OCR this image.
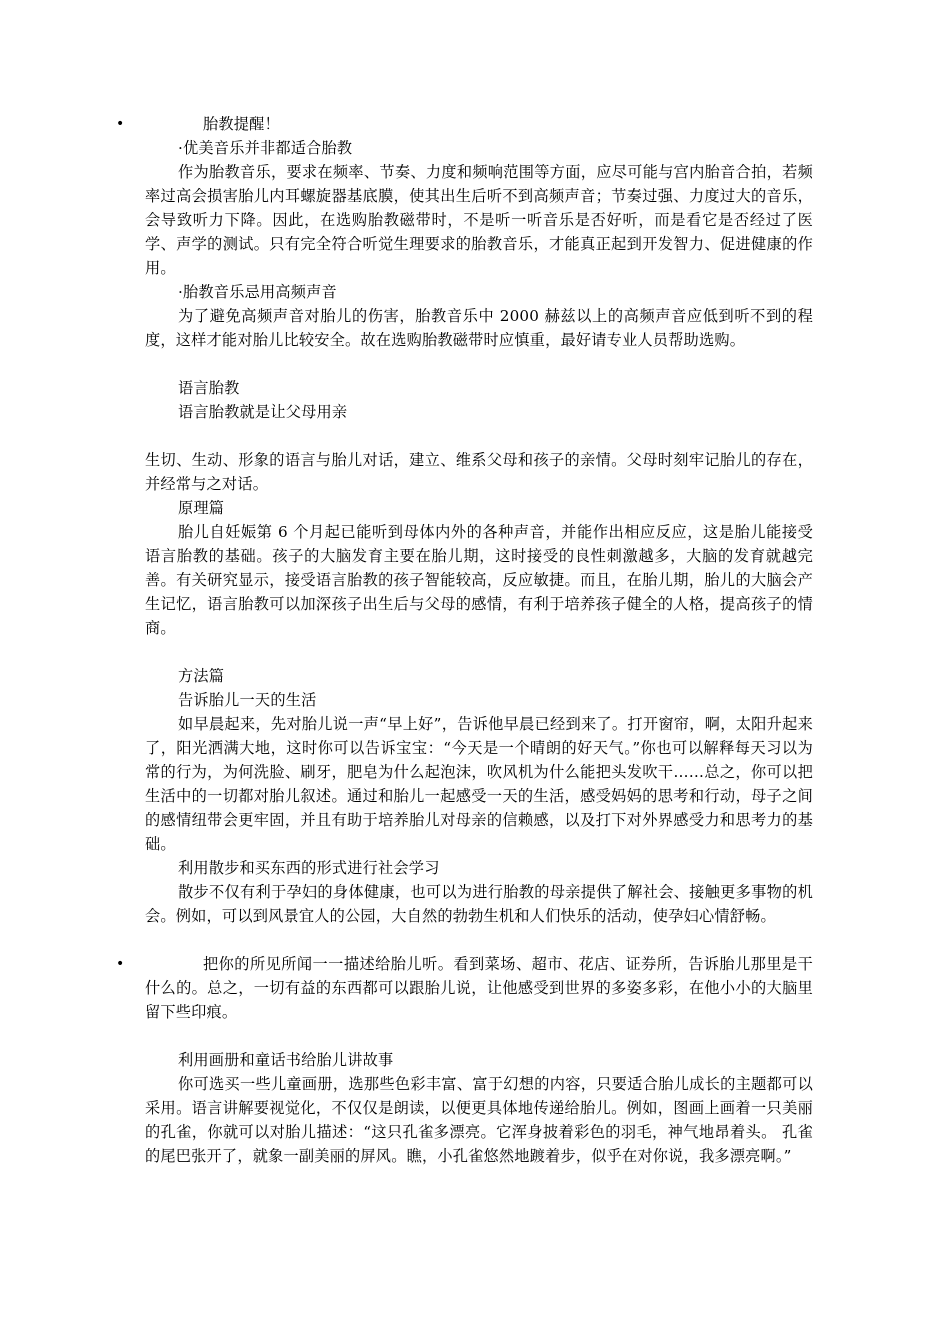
•	胎教提醒！

·优美音乐并非都适合胎教

作为胎教音乐，要求在频率、节奏、力度和频响范围等方面，应尽可能与宫内胎音合拍，若频率过高会损害胎儿内耳螺旋器基底膜，使其出生后听不到高频声音；节奏过强、力度过大的音乐，会导致听力下降。因此，在选购胎教磁带时，不是听一听音乐是否好听，而是看它是否经过了医学、声学的测试。只有完全符合听觉生理要求的胎教音乐，才能真正起到开发智力、促进健康的作用。

·胎教音乐忌用高频声音

为了避免高频声音对胎儿的伤害，胎教音乐中 2000 赫兹以上的高频声音应低到听不到的程度，这样才能对胎儿比较安全。故在选购胎教磁带时应慎重，最好请专业人员帮助选购。

语言胎教

语言胎教就是让父母用亲

生切、生动、形象的语言与胎儿对话，建立、维系父母和孩子的亲情。父母时刻牢记胎儿的存在，并经常与之对话。

原理篇

胎儿自妊娠第 6 个月起已能听到母体内外的各种声音，并能作出相应反应，这是胎儿能接受语言胎教的基础。孩子的大脑发育主要在胎儿期，这时接受的良性刺激越多，大脑的发育就越完善。有关研究显示，接受语言胎教的孩子智能较高，反应敏捷。而且，在胎儿期，胎儿的大脑会产生记忆，语言胎教可以加深孩子出生后与父母的感情，有利于培养孩子健全的人格，提高孩子的情商。

方法篇

告诉胎儿一天的生活

如早晨起来，先对胎儿说一声“早上好”，告诉他早晨已经到来了。打开窗帘，啊，太阳升起来了，阳光洒满大地，这时你可以告诉宝宝：“今天是一个晴朗的好天气。”你也可以解释每天习以为常的行为，为何洗脸、刷牙，肥皂为什么起泡沫，吹风机为什么能把头发吹干……总之，你可以把生活中的一切都对胎儿叙述。通过和胎儿一起感受一天的生活，感受妈妈的思考和行动，母子之间的感情纽带会更牢固，并且有助于培养胎儿对母亲的信赖感，以及打下对外界感受力和思考力的基础。

利用散步和买东西的形式进行社会学习

散步不仅有利于孕妇的身体健康，也可以为进行胎教的母亲提供了解社会、接触更多事物的机会。例如，可以到风景宜人的公园，大自然的勃勃生机和人们快乐的活动，使孕妇心情舒畅。

•	把你的所见所闻一一描述给胎儿听。看到菜场、超市、花店、证券所，告诉胎儿那里是干什么的。总之，一切有益的东西都可以跟胎儿说，让他感受到世界的多姿多彩，在他小小的大脑里留下些印痕。

利用画册和童话书给胎儿讲故事

你可选买一些儿童画册，选那些色彩丰富、富于幻想的内容，只要适合胎儿成长的主题都可以采用。语言讲解要视觉化，不仅仅是朗读，以便更具体地传递给胎儿。例如，图画上画着一只美丽的孔雀，你就可以对胎儿描述：“这只孔雀多漂亮。它浑身披着彩色的羽毛，神气地昂着头。 孔雀的尾巴张开了，就象一副美丽的屏风。瞧，小孔雀悠然地踱着步，似乎在对你说，我多漂亮啊。”
